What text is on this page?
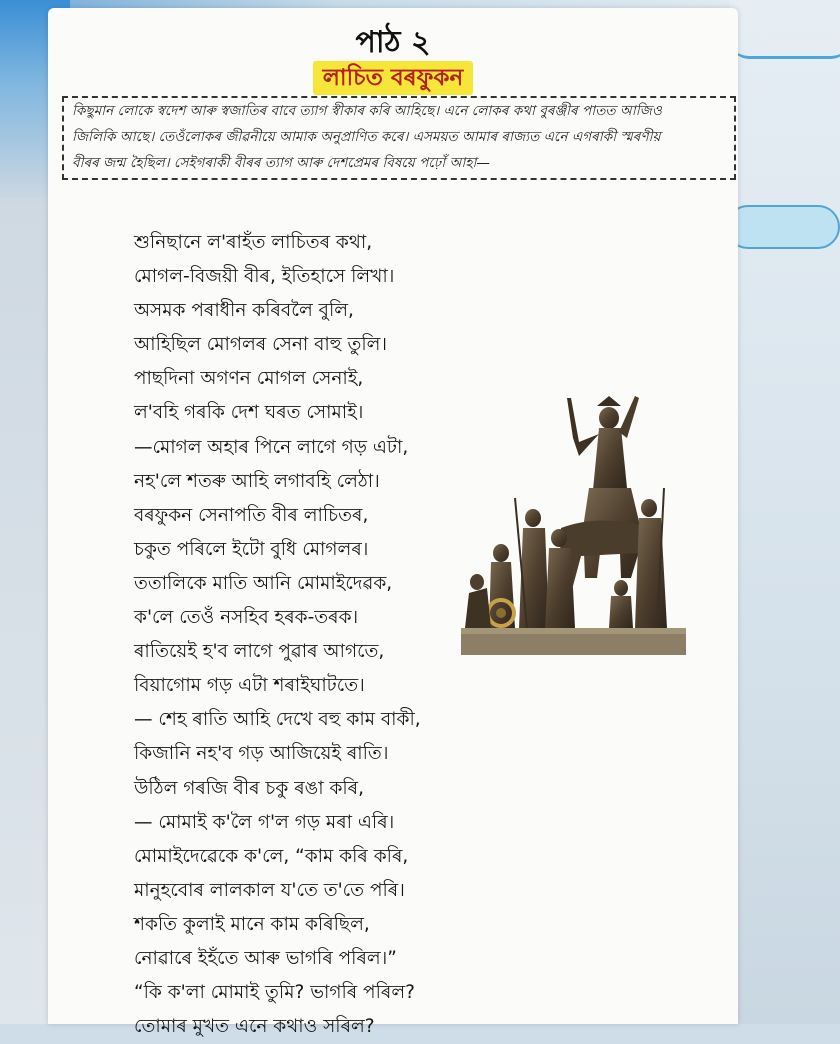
পাঠ ২
লাচিত বৰফুকন
কিছুমান লোকে স্বদেশ আৰু স্বজাতিৰ বাবে ত্যাগ স্বীকাৰ কৰি আহিছে। এনে লোকৰ কথা বুৰঞ্জীৰ পাতত আজিও
জিলিকি আছে। তেওঁলোকৰ জীৱনীয়ে আমাক অনুপ্ৰাণিত কৰে। এসময়ত আমাৰ ৰাজ্যত এনে এগৰাকী স্মৰণীয়
বীৰৰ জন্ম হৈছিল। সেইগৰাকী বীৰৰ ত্যাগ আৰু দেশপ্ৰেমৰ বিষয়ে পঢ়োঁ আহা—
শুনিছানে ল'ৰাহঁত লাচিতৰ কথা,
মোগল-বিজয়ী বীৰ, ইতিহাসে লিখা।
অসমক পৰাধীন কৰিবলৈ বুলি,
আহিছিল মোগলৰ সেনা বাহু তুলি।
পাছদিনা অগণন মোগল সেনাই,
ল'বহি গৰকি দেশ ঘৰত সোমাই।
—মোগল অহাৰ পিনে লাগে গড় এটা,
নহ'লে শতৰু আহি লগাবহি লেঠা।
বৰফুকন সেনাপতি বীৰ লাচিতৰ,
চকুত পৰিলে ইটো বুধি মোগলৰ।
ততালিকে মাতি আনি মোমাইদেৱক,
ক'লে তেওঁ নসহিব হৰক-তৰক।
ৰাতিয়েই হ'ব লাগে পুৱাৰ আগতে,
বিয়াগোম গড় এটা শৰাইঘাটতে।
— শেহ ৰাতি আহি দেখে বহু কাম বাকী,
কিজানি নহ'ব গড় আজিয়েই ৰাতি।
উঠিল গৰজি বীৰ চকু ৰঙা কৰি,
— মোমাই ক'লৈ গ'ল গড় মৰা এৰি।
মোমাইদেৱেকে ক'লে, “কাম কৰি কৰি,
মানুহবোৰ লালকাল য'তে ত'তে পৰি।
শকতি কুলাই মানে কাম কৰিছিল,
নোৱাৰে ইহঁতে আৰু ভাগৰি পৰিল।”
“কি ক'লা মোমাই তুমি? ভাগৰি পৰিল?
তোমাৰ মুখত এনে কথাও সৰিল?
